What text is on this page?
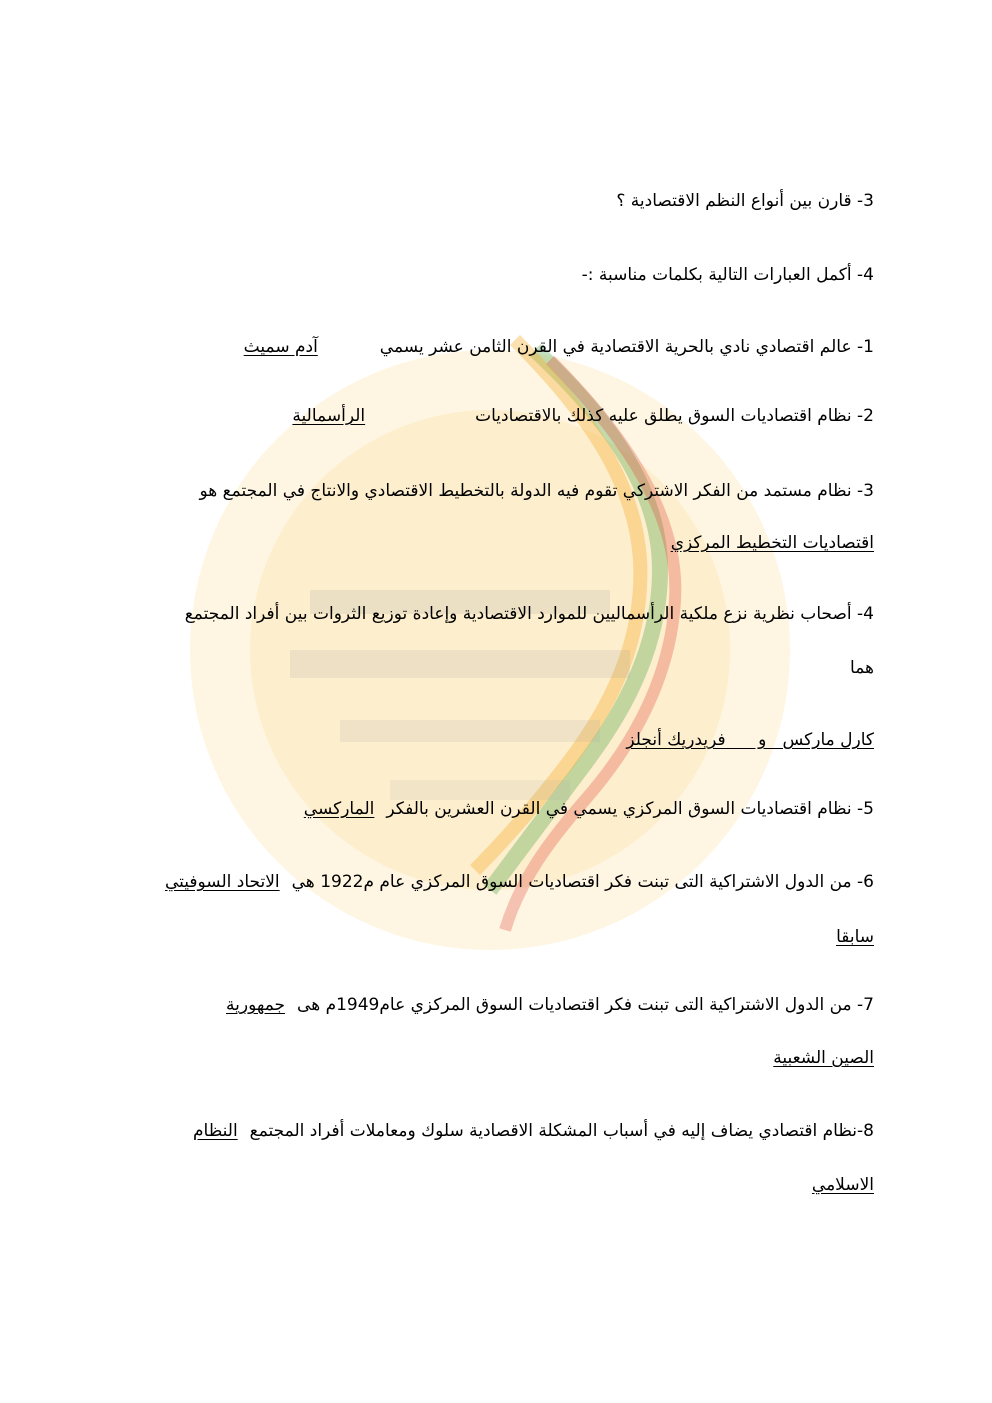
3- قارن بين أنواع النظم الاقتصادية ؟
4- أكمل العبارات التالية بكلمات مناسبة :-
1- عالم اقتصادي نادي بالحرية الاقتصادية في القرن الثامن عشر يسميآدم سميث
2- نظام اقتصاديات السوق يطلق عليه كذلك بالاقتصادياتالرأسمالية
3- نظام مستمد من الفكر الاشتركي تقوم فيه الدولة بالتخطيط الاقتصادي والانتاج في المجتمع هو
اقتصاديات التخطيط المركزي
4- أصحاب نظرية نزع ملكية الرأسماليين للموارد الاقتصادية وإعادة توزيع الثروات بين أفراد المجتمع
هما
كارل ماركس   و      فريدريك أنجلز
5- نظام اقتصاديات السوق المركزي يسمي في القرن العشرين بالفكرالماركسي
6- من الدول الاشتراكية التى تبنت فكر اقتصاديات السوق المركزي عام م1922 هيالاتحاد السوفيتي
سابقا
7- من الدول الاشتراكية التى تبنت فكر اقتصاديات السوق المركزي عام1949م هىجمهورية
الصين الشعبية
8-نظام اقتصادي يضاف إليه في أسباب المشكلة الاقصادية سلوك ومعاملات أفراد المجتمعالنظام
الاسلامي
